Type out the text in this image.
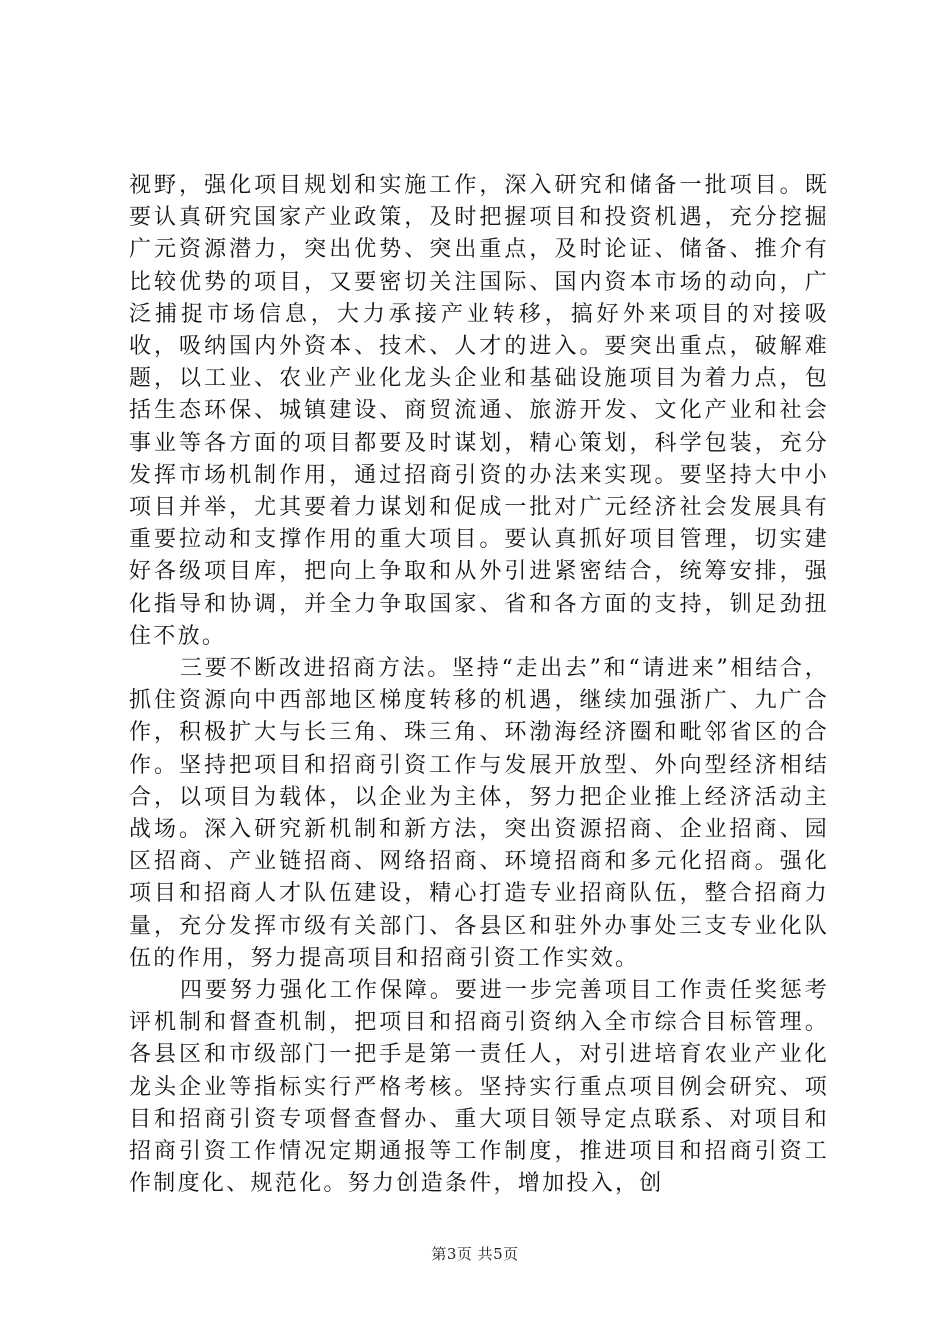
视野，强化项目规划和实施工作，深入研究和储备一批项目。既要认真研究国家产业政策，及时把握项目和投资机遇，充分挖掘广元资源潜力，突出优势、突出重点，及时论证、储备、推介有比较优势的项目，又要密切关注国际、国内资本市场的动向，广泛捕捉市场信息，大力承接产业转移，搞好外来项目的对接吸收，吸纳国内外资本、技术、人才的进入。要突出重点，破解难题，以工业、农业产业化龙头企业和基础设施项目为着力点，包括生态环保、城镇建设、商贸流通、旅游开发、文化产业和社会事业等各方面的项目都要及时谋划，精心策划，科学包装，充分发挥市场机制作用，通过招商引资的办法来实现。要坚持大中小项目并举，尤其要着力谋划和促成一批对广元经济社会发展具有重要拉动和支撑作用的重大项目。要认真抓好项目管理，切实建好各级项目库，把向上争取和从外引进紧密结合，统筹安排，强化指导和协调，并全力争取国家、省和各方面的支持，钏足劲扭住不放。

三要不断改进招商方法。坚持“走出去”和“请进来”相结合，抓住资源向中西部地区梯度转移的机遇，继续加强浙广、九广合作，积极扩大与长三角、珠三角、环渤海经济圈和毗邻省区的合作。坚持把项目和招商引资工作与发展开放型、外向型经济相结合，以项目为载体，以企业为主体，努力把企业推上经济活动主战场。深入研究新机制和新方法，突出资源招商、企业招商、园区招商、产业链招商、网络招商、环境招商和多元化招商。强化项目和招商人才队伍建设，精心打造专业招商队伍，整合招商力量，充分发挥市级有关部门、各县区和驻外办事处三支专业化队伍的作用，努力提高项目和招商引资工作实效。

四要努力强化工作保障。要进一步完善项目工作责任奖惩考评机制和督查机制，把项目和招商引资纳入全市综合目标管理。各县区和市级部门一把手是第一责任人，对引进培育农业产业化龙头企业等指标实行严格考核。坚持实行重点项目例会研究、项目和招商引资专项督查督办、重大项目领导定点联系、对项目和招商引资工作情况定期通报等工作制度，推进项目和招商引资工作制度化、规范化。努力创造条件，增加投入，创

第3页 共5页
